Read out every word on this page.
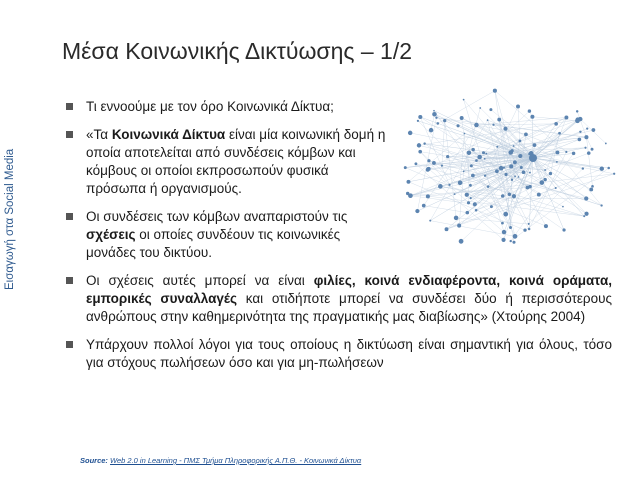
Εισαγωγή στα Social Media
Μέσα Κοινωνικής Δικτύωσης – 1/2
Τι εννοούμε με τον όρο Κοινωνικά Δίκτυα;
«Τα Κοινωνικά Δίκτυα είναι μία κοινωνική δομή η οποία αποτελείται από συνδέσεις κόμβων και κόμβους οι οποίοι εκπροσωπούν φυσικά πρόσωπα ή οργανισμούς.
Οι συνδέσεις των κόμβων αναπαριστούν τις σχέσεις οι οποίες συνδέουν τις κοινωνικές μονάδες του δικτύου.
Οι σχέσεις αυτές μπορεί να είναι φιλίες, κοινά ενδιαφέροντα, κοινά οράματα, εμπορικές συναλλαγές και οτιδήποτε μπορεί να συνδέσει δύο ή περισσότερους ανθρώπους στην καθημερινότητα της πραγματικής μας διαβίωσης» (Χτούρης 2004)
Υπάρχουν πολλοί λόγοι για τους οποίους η δικτύωση είναι σημαντική για όλους, τόσο για στόχους πωλήσεων όσο και για μη-πωλήσεων
Source: Web 2.0 in Learning - ΠΜΣ Τμήμα Πληροφορικής Α.Π.Θ. - Κοινωνικά Δίκτυα
